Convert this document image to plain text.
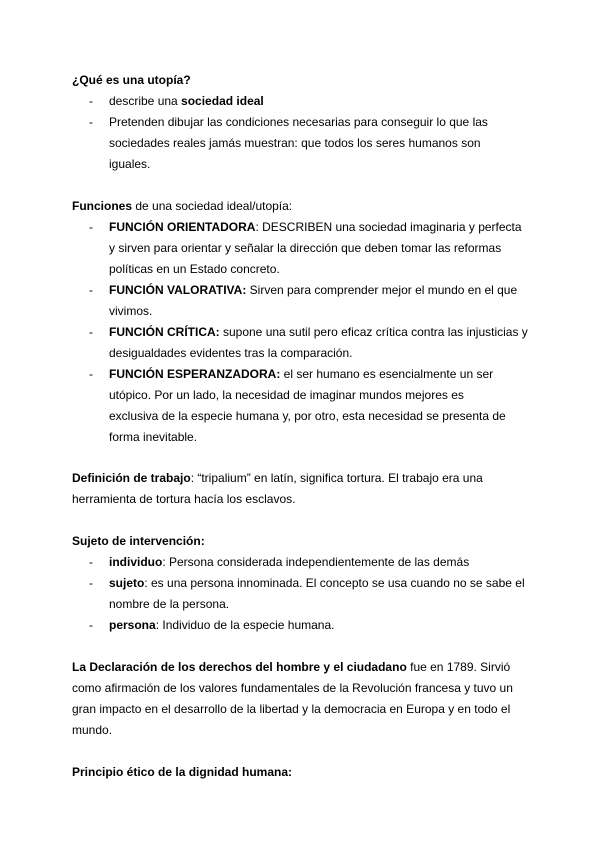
¿Qué es una utopía?

- describe una sociedad ideal
- Pretenden dibujar las condiciones necesarias para conseguir lo que las sociedades reales jamás muestran: que todos los seres humanos son iguales.

Funciones de una sociedad ideal/utopía:

- FUNCIÓN ORIENTADORA: DESCRIBEN una sociedad imaginaria y perfecta y sirven para orientar y señalar la dirección que deben tomar las reformas políticas en un Estado concreto.
- FUNCIÓN VALORATIVA: Sirven para comprender mejor el mundo en el que vivimos.
- FUNCIÓN CRÍTICA: supone una sutil pero eficaz crítica contra las injusticias y desigualdades evidentes tras la comparación.
- FUNCIÓN ESPERANZADORA: el ser humano es esencialmente un ser utópico. Por un lado, la necesidad de imaginar mundos mejores es exclusiva de la especie humana y, por otro, esta necesidad se presenta de forma inevitable.

Definición de trabajo: “tripalium” en latín, significa tortura. El trabajo era una herramienta de tortura hacía los esclavos.

Sujeto de intervención:

- individuo: Persona considerada independientemente de las demás
- sujeto: es una persona innominada. El concepto se usa cuando no se sabe el nombre de la persona.
- persona: Individuo de la especie humana.

La Declaración de los derechos del hombre y el ciudadano fue en 1789. Sirvió como afirmación de los valores fundamentales de la Revolución francesa y tuvo un gran impacto en el desarrollo de la libertad y la democracia en Europa y en todo el mundo.

Principio ético de la dignidad humana:
